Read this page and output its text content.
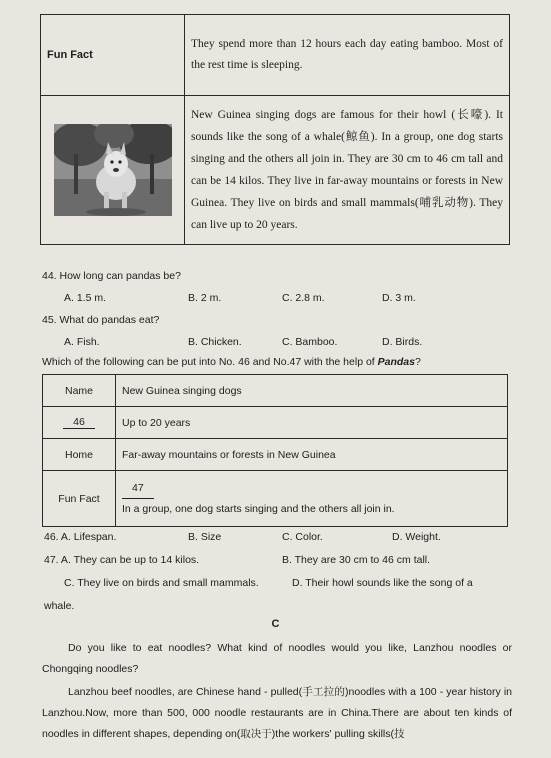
Fun Fact	They spend more than 12 hours each day eating bamboo. Most of the rest time is sleeping.

	New Guinea singing dogs are famous for their howl (长嚎). It sounds like the song of a whale(鲸鱼). In a group, one dog starts singing and the others all join in. They are 30 cm to 46 cm tall and can be 14 kilos. They live in far-away mountains or forests in New Guinea. They live on birds and small mammals(哺乳动物). They can live up to 20 years.
44. How long can pandas be?
A. 1.5 m.	B. 2 m.	C. 2.8 m.	D. 3 m.
45. What do pandas eat?
A. Fish.	B. Chicken.	C. Bamboo.	D. Birds.
Which of the following can be put into No. 46 and No.47 with the help of Pandas?
Name	New Guinea singing dogs
46	Up to 20 years
Home	Far-away mountains or forests in New Guinea
Fun Fact	47
In a group, one dog starts singing and the others all join in.
46. A. Lifespan.	B. Size	C. Color.	D. Weight.
47. A. They can be up to 14 kilos.	B. They are 30 cm to 46 cm tall.
C. They live on birds and small mammals.	D. Their howl sounds like the song of a
whale.
C
Do you like to eat noodles? What kind of noodles would you like, Lanzhou noodles or Chongqing noodles?
Lanzhou beef noodles, are Chinese hand - pulled(手工拉的)noodles with a 100 - year history in Lanzhou.Now, more than 500, 000 noodle restaurants are in China.There are about ten kinds of noodles in different shapes, depending on(取决于)the workers' pulling skills(技
